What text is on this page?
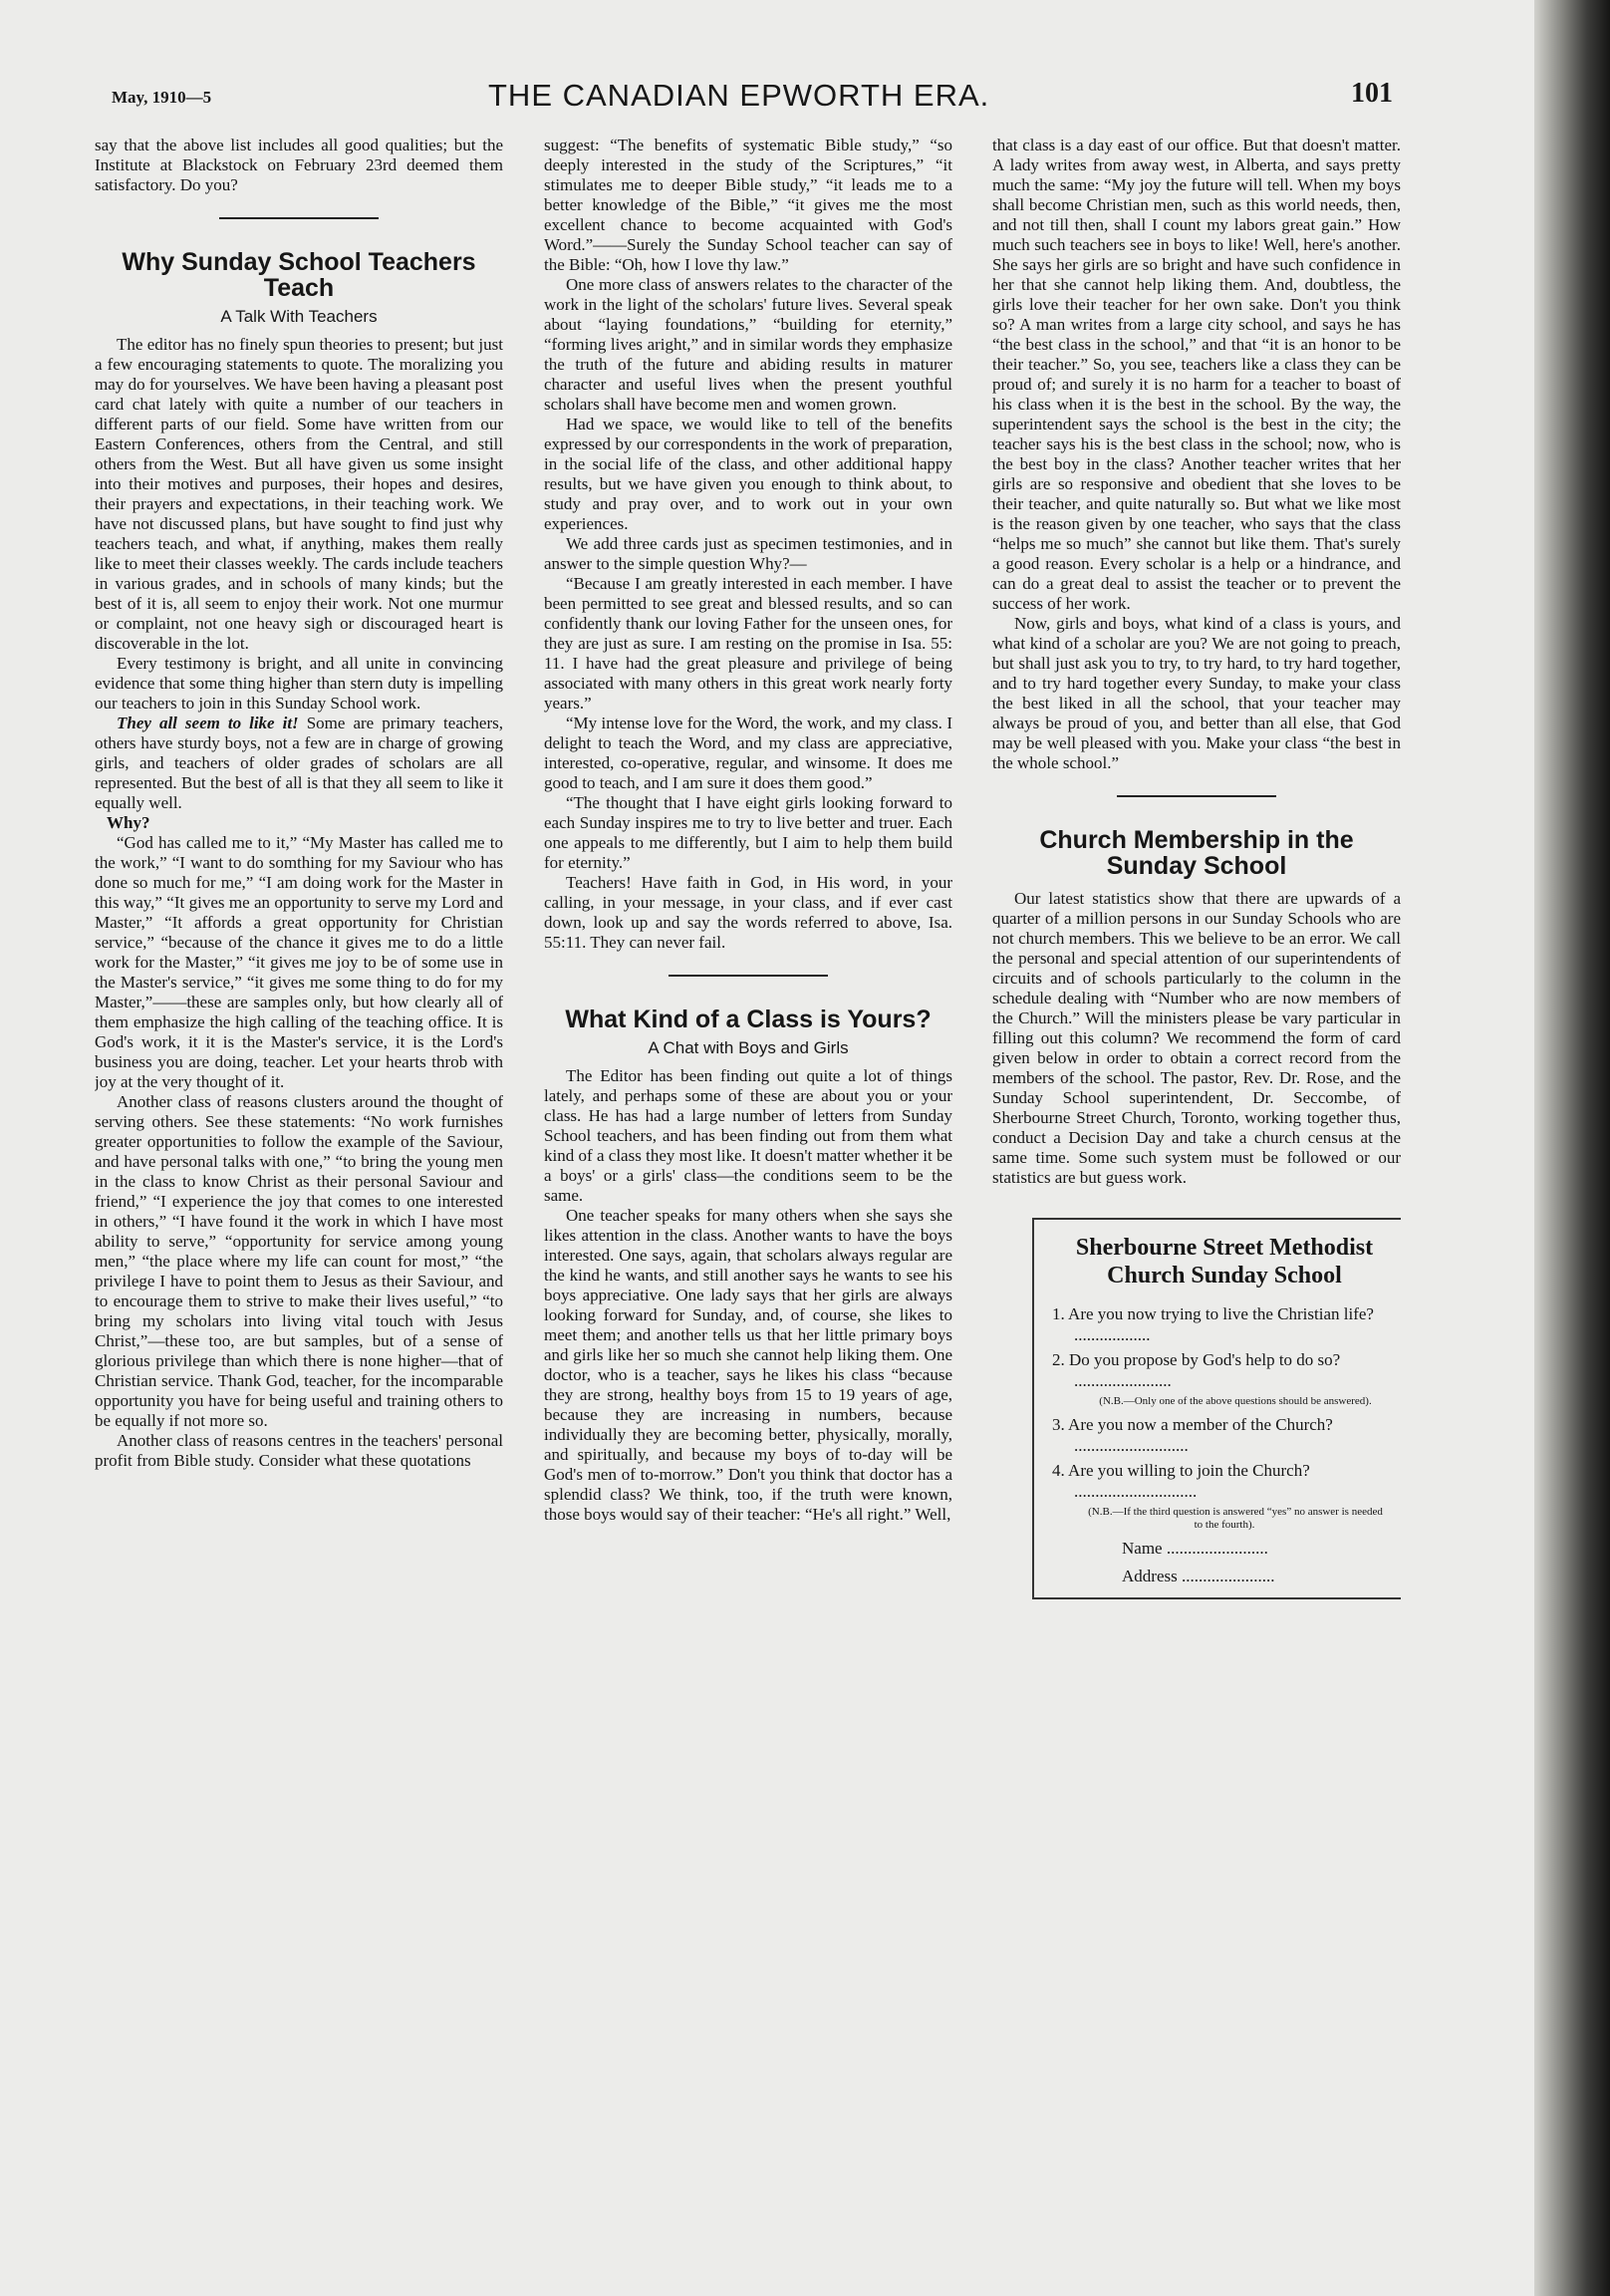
May, 1910—5	THE CANADIAN EPWORTH ERA.	101

say that the above list includes all good qualities; but the Institute at Blackstock on February 23rd deemed them satisfactory. Do you?

Why Sunday School Teachers Teach
A Talk With Teachers

The editor has no finely spun theories to present; but just a few encouraging statements to quote. The moralizing you may do for yourselves. We have been having a pleasant post card chat lately with quite a number of our teachers in different parts of our field. Some have written from our Eastern Conferences, others from the Central, and still others from the West. But all have given us some insight into their motives and purposes, their hopes and desires, their prayers and expectations, in their teaching work. We have not discussed plans, but have sought to find just why teachers teach, and what, if anything, makes them really like to meet their classes weekly. The cards include teachers in various grades, and in schools of many kinds; but the best of it is, all seem to enjoy their work. Not one murmur or complaint, not one heavy sigh or discouraged heart is discoverable in the lot.

Every testimony is bright, and all unite in convincing evidence that some thing higher than stern duty is impelling our teachers to join in this Sunday School work.

They all seem to like it! Some are primary teachers, others have sturdy boys, not a few are in charge of growing girls, and teachers of older grades of scholars are all represented. But the best of all is that they all seem to like it equally well.

Why?

“God has called me to it,” “My Master has called me to the work,” “I want to do somthing for my Saviour who has done so much for me,” “I am doing work for the Master in this way,” “It gives me an opportunity to serve my Lord and Master,” “It affords a great opportunity for Christian service,” “because of the chance it gives me to do a little work for the Master,” “it gives me joy to be of some use in the Master's service,” “it gives me some thing to do for my Master,”——these are samples only, but how clearly all of them emphasize the high calling of the teaching office. It is God's work, it it is the Master's service, it is the Lord's business you are doing, teacher. Let your hearts throb with joy at the very thought of it.

Another class of reasons clusters around the thought of serving others. See these statements: “No work furnishes greater opportunities to follow the example of the Saviour, and have personal talks with one,” “to bring the young men in the class to know Christ as their personal Saviour and friend,” “I experience the joy that comes to one interested in others,” “I have found it the work in which I have most ability to serve,” “opportunity for service among young men,” “the place where my life can count for most,” “the privilege I have to point them to Jesus as their Saviour, and to encourage them to strive to make their lives useful,” “to bring my scholars into living vital touch with Jesus Christ,”—these too, are but samples, but of a sense of glorious privilege than which there is none higher—that of Christian service. Thank God, teacher, for the incomparable opportunity you have for being useful and training others to be equally if not more so.

Another class of reasons centres in the teachers' personal profit from Bible study. Consider what these quotations

suggest: “The benefits of systematic Bible study,” “so deeply interested in the study of the Scriptures,” “it stimulates me to deeper Bible study,” “it leads me to a better knowledge of the Bible,” “it gives me the most excellent chance to become acquainted with God's Word.”——Surely the Sunday School teacher can say of the Bible: “Oh, how I love thy law.”

One more class of answers relates to the character of the work in the light of the scholars' future lives. Several speak about “laying foundations,” “building for eternity,” “forming lives aright,” and in similar words they emphasize the truth of the future and abiding results in maturer character and useful lives when the present youthful scholars shall have become men and women grown.

Had we space, we would like to tell of the benefits expressed by our correspondents in the work of preparation, in the social life of the class, and other additional happy results, but we have given you enough to think about, to study and pray over, and to work out in your own experiences.

We add three cards just as specimen testimonies, and in answer to the simple question Why?—

“Because I am greatly interested in each member. I have been permitted to see great and blessed results, and so can confidently thank our loving Father for the unseen ones, for they are just as sure. I am resting on the promise in Isa. 55: 11. I have had the great pleasure and privilege of being associated with many others in this great work nearly forty years.”

“My intense love for the Word, the work, and my class. I delight to teach the Word, and my class are appreciative, interested, co-operative, regular, and winsome. It does me good to teach, and I am sure it does them good.”

“The thought that I have eight girls looking forward to each Sunday inspires me to try to live better and truer. Each one appeals to me differently, but I aim to help them build for eternity.”

Teachers! Have faith in God, in His word, in your calling, in your message, in your class, and if ever cast down, look up and say the words referred to above, Isa. 55:11. They can never fail.

What Kind of a Class is Yours?
A Chat with Boys and Girls

The Editor has been finding out quite a lot of things lately, and perhaps some of these are about you or your class. He has had a large number of letters from Sunday School teachers, and has been finding out from them what kind of a class they most like. It doesn't matter whether it be a boys' or a girls' class—the conditions seem to be the same.

One teacher speaks for many others when she says she likes attention in the class. Another wants to have the boys interested. One says, again, that scholars always regular are the kind he wants, and still another says he wants to see his boys appreciative. One lady says that her girls are always looking forward for Sunday, and, of course, she likes to meet them; and another tells us that her little primary boys and girls like her so much she cannot help liking them. One doctor, who is a teacher, says he likes his class “because they are strong, healthy boys from 15 to 19 years of age, because they are increasing in numbers, because individually they are becoming better, physically, morally, and spiritually, and because my boys of to-day will be God's men of to-morrow.” Don't you think that doctor has a splendid class? We think, too, if the truth were known, those boys would say of their teacher: “He's all right.” Well,

that class is a day east of our office. But that doesn't matter. A lady writes from away west, in Alberta, and says pretty much the same: “My joy the future will tell. When my boys shall become Christian men, such as this world needs, then, and not till then, shall I count my labors great gain.” How much such teachers see in boys to like! Well, here's another. She says her girls are so bright and have such confidence in her that she cannot help liking them. And, doubtless, the girls love their teacher for her own sake. Don't you think so? A man writes from a large city school, and says he has “the best class in the school,” and that “it is an honor to be their teacher.” So, you see, teachers like a class they can be proud of; and surely it is no harm for a teacher to boast of his class when it is the best in the school. By the way, the superintendent says the school is the best in the city; the teacher says his is the best class in the school; now, who is the best boy in the class? Another teacher writes that her girls are so responsive and obedient that she loves to be their teacher, and quite naturally so. But what we like most is the reason given by one teacher, who says that the class “helps me so much” she cannot but like them. That's surely a good reason. Every scholar is a help or a hindrance, and can do a great deal to assist the teacher or to prevent the success of her work.

Now, girls and boys, what kind of a class is yours, and what kind of a scholar are you? We are not going to preach, but shall just ask you to try, to try hard, to try hard together, and to try hard together every Sunday, to make your class the best liked in all the school, that your teacher may always be proud of you, and better than all else, that God may be well pleased with you. Make your class “the best in the whole school.”

Church Membership in the Sunday School

Our latest statistics show that there are upwards of a quarter of a million persons in our Sunday Schools who are not church members. This we believe to be an error. We call the personal and special attention of our superintendents of circuits and of schools particularly to the column in the schedule dealing with “Number who are now members of the Church.” Will the ministers please be vary particular in filling out this column? We recommend the form of card given below in order to obtain a correct record from the members of the school. The pastor, Rev. Dr. Rose, and the Sunday School superintendent, Dr. Seccombe, of Sherbourne Street Church, Toronto, working together thus, conduct a Decision Day and take a church census at the same time. Some such system must be followed or our statistics are but guess work.

Sherbourne Street Methodist Church Sunday School

1. Are you now trying to live the Christian life? ..................

2. Do you propose by God's help to do so? .......................

(N.B.—Only one of the above questions should be answered).

3. Are you now a member of the Church? ...........................

4. Are you willing to join the Church? .............................

(N.B.—If the third question is answered “yes” no answer is needed to the fourth).

Name ........................

Address ......................
